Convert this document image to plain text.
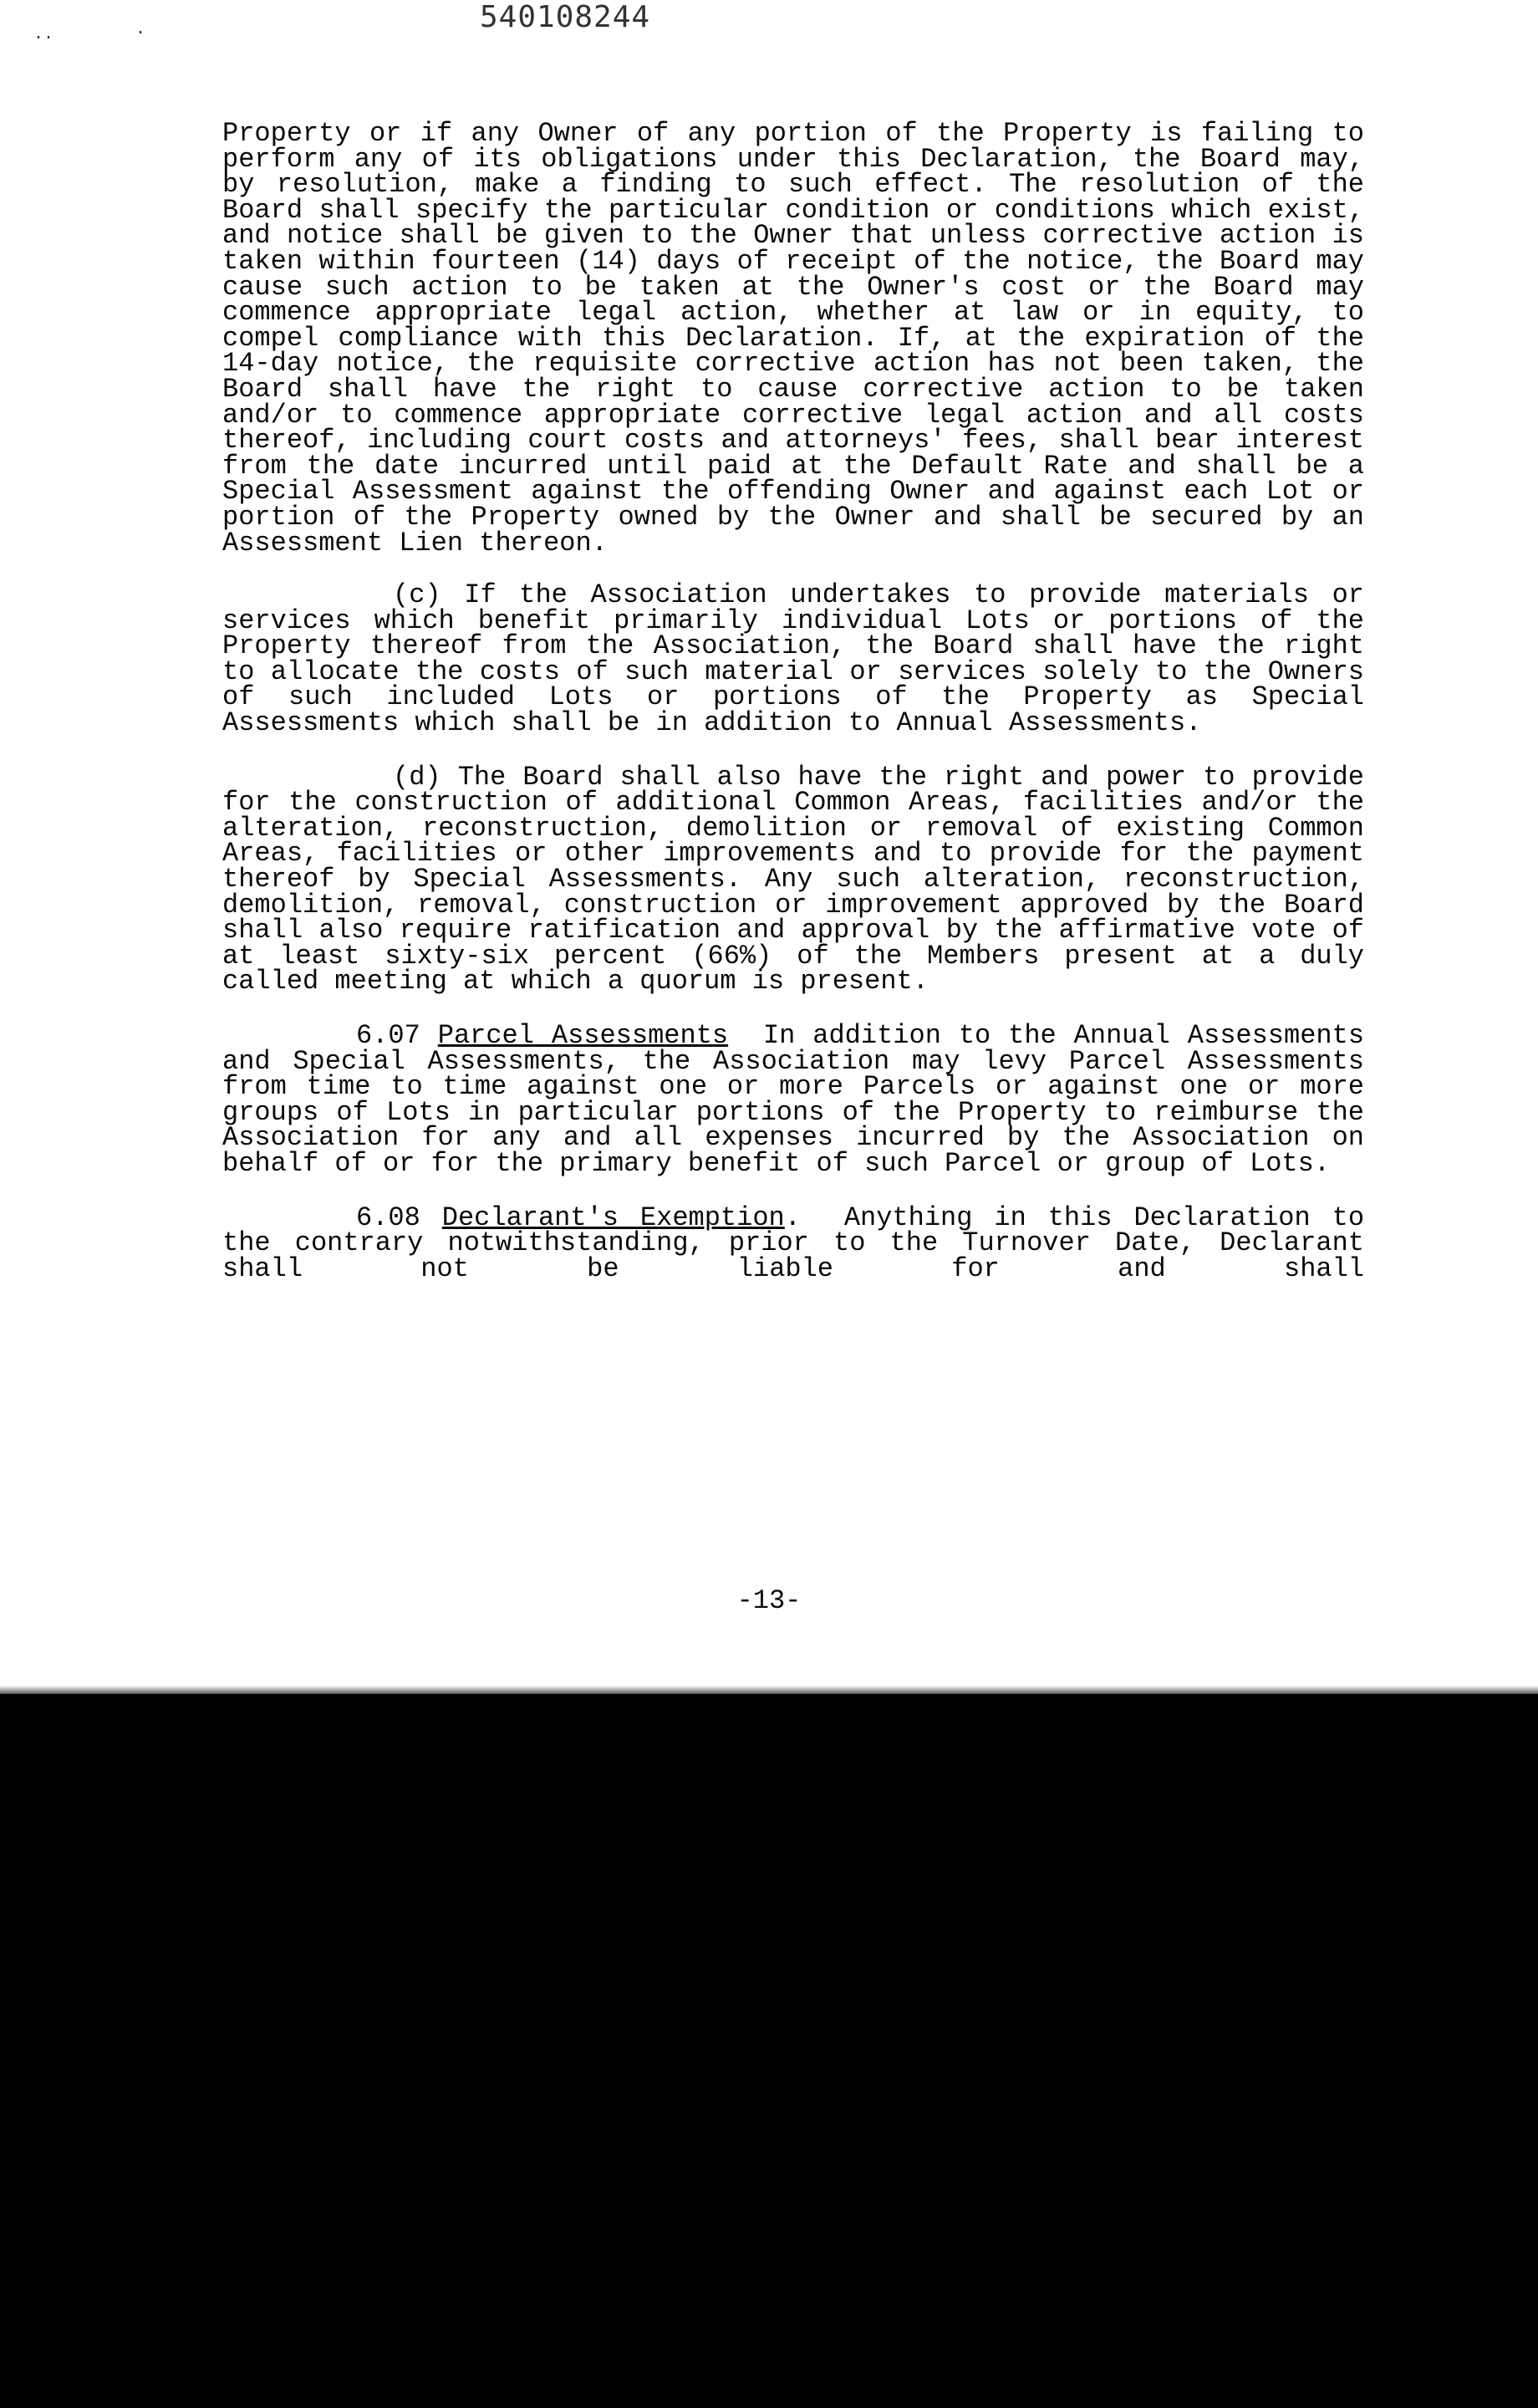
..	.	540108244

Property or if any Owner of any portion of the Property is failing to perform any of its obligations under this Declaration, the Board may, by resolution, make a finding to such effect. The resolution of the Board shall specify the particular condition or conditions which exist, and notice shall be given to the Owner that unless corrective action is taken within fourteen (14) days of receipt of the notice, the Board may cause such action to be taken at the Owner's cost or the Board may commence appropriate legal action, whether at law or in equity, to compel compliance with this Declaration. If, at the expiration of the 14-day notice, the requisite corrective action has not been taken, the Board shall have the right to cause corrective action to be taken and/or to commence appropriate corrective legal action and all costs thereof, including court costs and attorneys' fees, shall bear interest from the date incurred until paid at the Default Rate and shall be a Special Assessment against the offending Owner and against each Lot or portion of the Property owned by the Owner and shall be secured by an Assessment Lien thereon.

(c) If the Association undertakes to provide materials or services which benefit primarily individual Lots or portions of the Property thereof from the Association, the Board shall have the right to allocate the costs of such material or services solely to the Owners of such included Lots or portions of the Property as Special Assessments which shall be in addition to Annual Assessments.

(d) The Board shall also have the right and power to provide for the construction of additional Common Areas, facilities and/or the alteration, reconstruction, demolition or removal of existing Common Areas, facilities or other improvements and to provide for the payment thereof by Special Assessments. Any such alteration, reconstruction, demolition, removal, construction or improvement approved by the Board shall also require ratification and approval by the affirmative vote of at least sixty-six percent (66%) of the Members present at a duly called meeting at which a quorum is present.

6.07 Parcel Assessments In addition to the Annual Assessments and Special Assessments, the Association may levy Parcel Assessments from time to time against one or more Parcels or against one or more groups of Lots in particular portions of the Property to reimburse the Association for any and all expenses incurred by the Association on behalf of or for the primary benefit of such Parcel or group of Lots.

6.08 Declarant's Exemption. Anything in this Declaration to the contrary notwithstanding, prior to the Turnover Date, Declarant shall not be liable for and shall

-13-
